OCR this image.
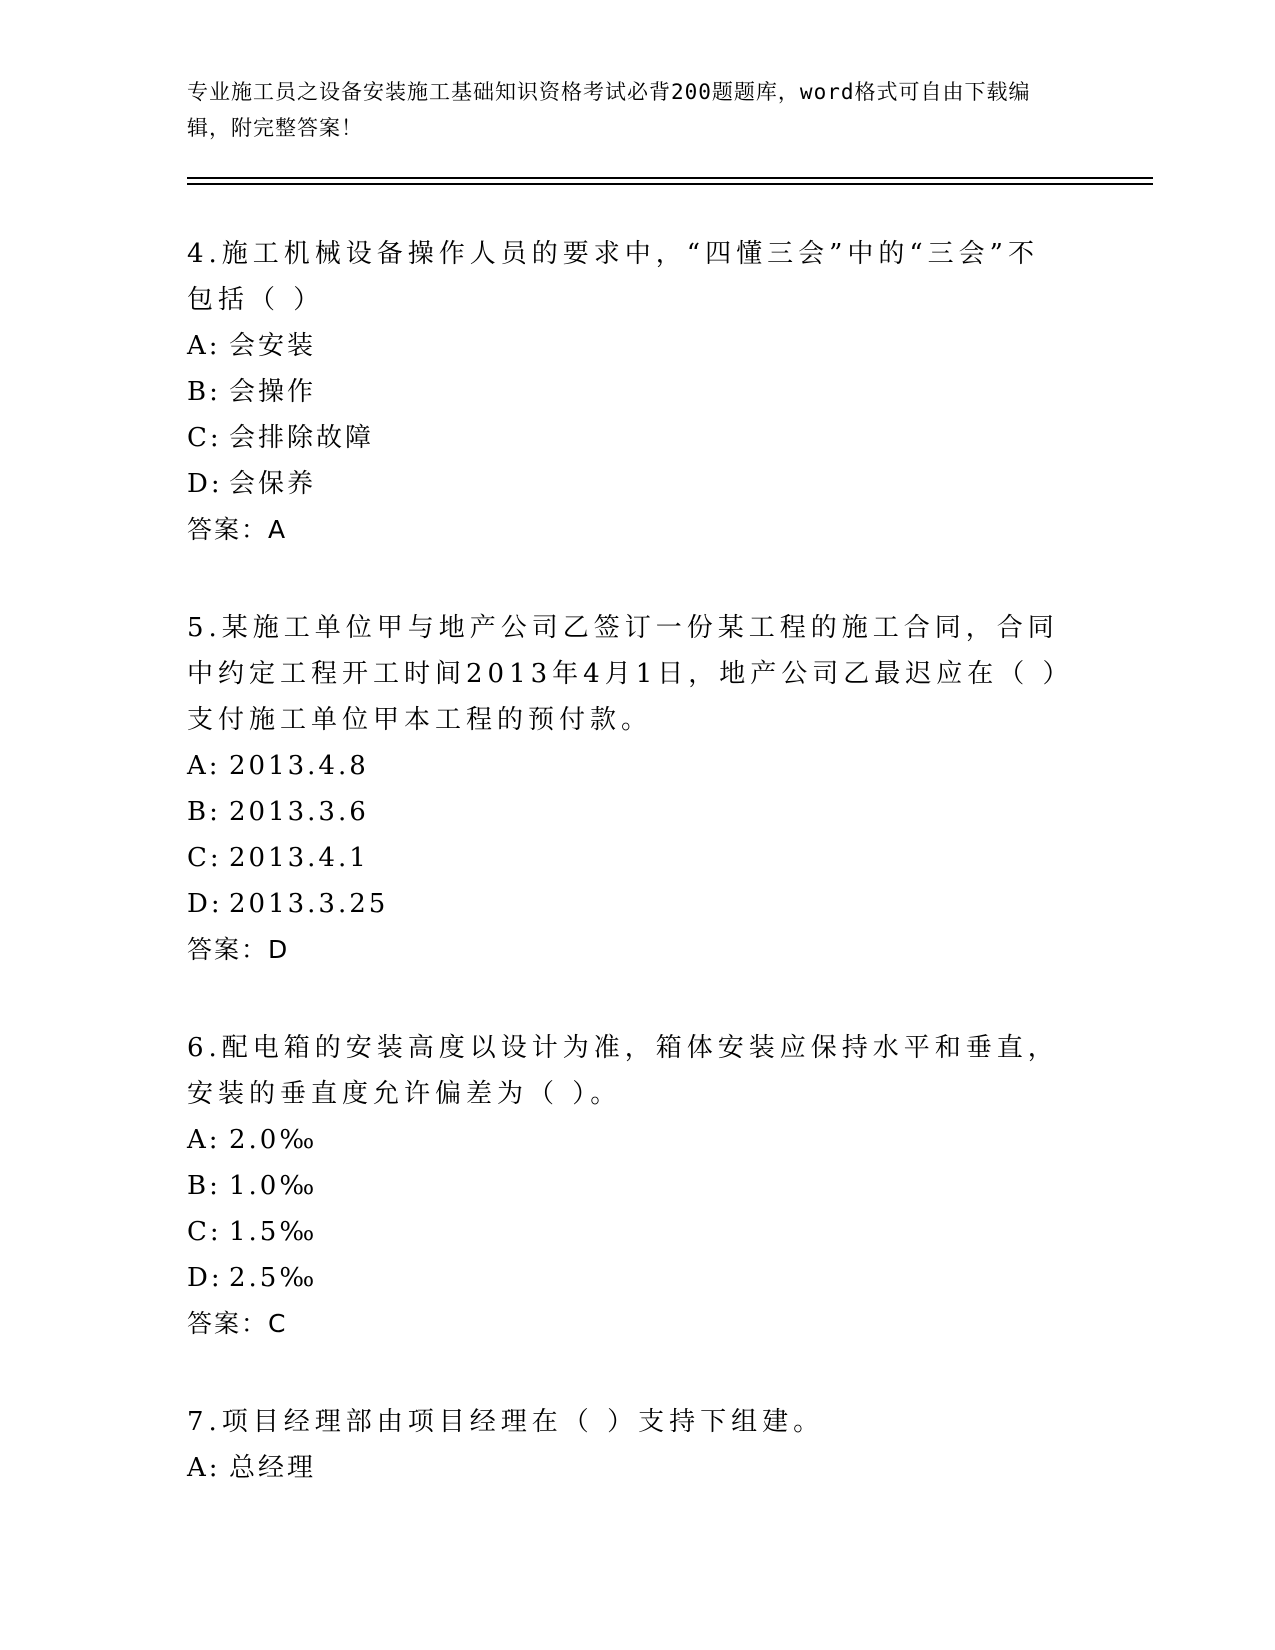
专业施工员之设备安装施工基础知识资格考试必背200题题库，word格式可自由下载编辑，附完整答案！

4.施工机械设备操作人员的要求中，“四懂三会”中的“三会”不包括（ ）

A: 会安装

B: 会操作

C: 会排除故障

D: 会保养

答案：A

5.某施工单位甲与地产公司乙签订一份某工程的施工合同，合同中约定工程开工时间2013年4月1日，地产公司乙最迟应在（ ）支付施工单位甲本工程的预付款。

A: 2013.4.8

B: 2013.3.6

C: 2013.4.1

D: 2013.3.25

答案：D

6.配电箱的安装高度以设计为准，箱体安装应保持水平和垂直，安装的垂直度允许偏差为（ ）。

A: 2.0‰

B: 1.0‰

C: 1.5‰

D: 2.5‰

答案：C

7.项目经理部由项目经理在（ ）支持下组建。

A: 总经理
